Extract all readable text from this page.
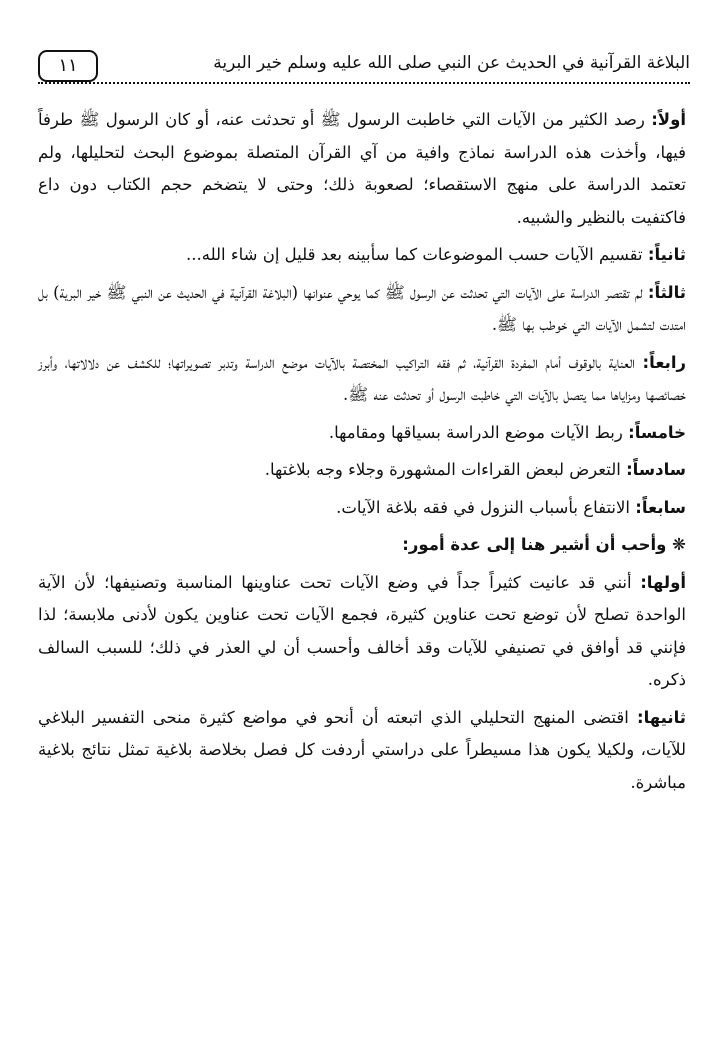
البلاغة القرآنية في الحديث عن النبي صلى الله عليه وسلم خير البرية
١١

أولاً: رصد الكثير من الآيات التي خاطبت الرسول ﷺ أو تحدثت عنه، أو كان الرسول ﷺ طرفاً فيها، وأخذت هذه الدراسة نماذج وافية من آي القرآن المتصلة بموضوع البحث لتحليلها، ولم تعتمد الدراسة على منهج الاستقصاء؛ لصعوبة ذلك؛ وحتى لا يتضخم حجم الكتاب دون داع فاكتفيت بالنظير والشبيه.

ثانياً: تقسيم الآيات حسب الموضوعات كما سأبينه بعد قليل إن شاء الله...

ثالثاً: لم تقتصر الدراسة على الآيات التي تحدثت عن الرسول ﷺ كما يوحي عنوانها (البلاغة القرآنية في الحديث عن النبي ﷺ خير البرية) بل امتدت لتشمل الآيات التي خوطب بها ﷺ.

رابعاً: العناية بالوقوف أمام المفردة القرآنية، ثم فقه التراكيب المختصة بالآيات موضع الدراسة وتدبر تصويراتها؛ للكشف عن دلالاتها، وأبرز خصائصها ومزاياها مما يتصل بالآيات التي خاطبت الرسول أو تحدثت عنه ﷺ.

خامساً: ربط الآيات موضع الدراسة بسياقها ومقامها.

سادساً: التعرض لبعض القراءات المشهورة وجلاء وجه بلاغتها.

سابعاً: الانتفاع بأسباب النزول في فقه بلاغة الآيات.

❋ وأحب أن أشير هنا إلى عدة أمور:

أولها: أنني قد عانيت كثيراً جداً في وضع الآيات تحت عناوينها المناسبة وتصنيفها؛ لأن الآية الواحدة تصلح لأن توضع تحت عناوين كثيرة، فجمع الآيات تحت عناوين يكون لأدنى ملابسة؛ لذا فإنني قد أوافق في تصنيفي للآيات وقد أخالف وأحسب أن لي العذر في ذلك؛ للسبب السالف ذكره.

ثانيها: اقتضى المنهج التحليلي الذي اتبعته أن أنحو في مواضع كثيرة منحى التفسير البلاغي للآيات، ولكيلا يكون هذا مسيطراً على دراستي أردفت كل فصل بخلاصة بلاغية تمثل نتائج بلاغية مباشرة.
